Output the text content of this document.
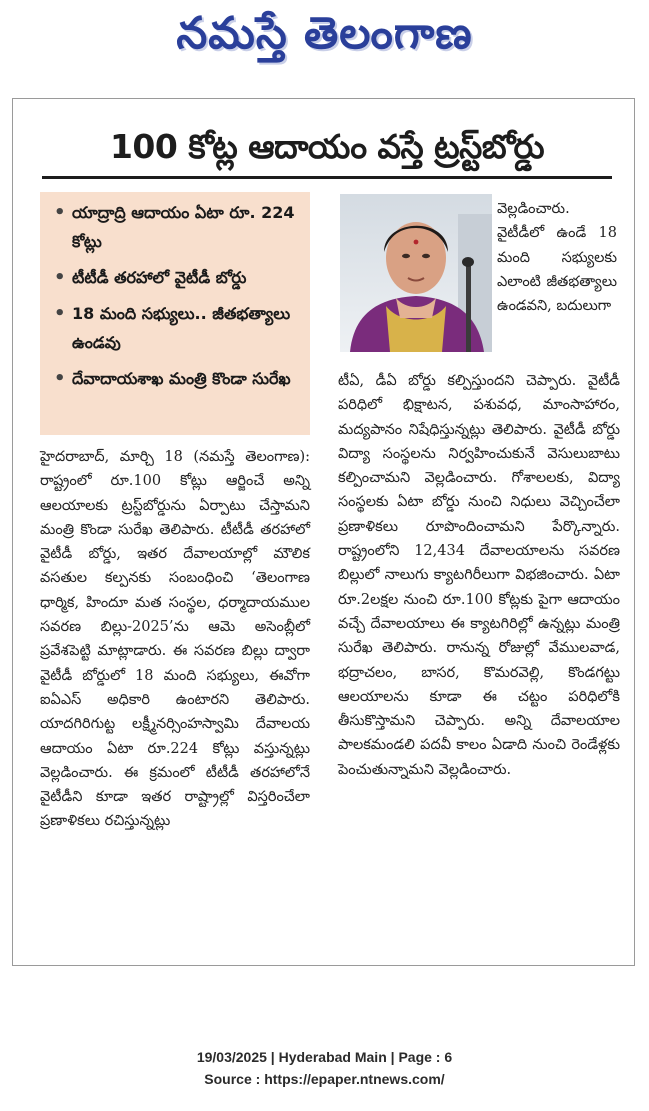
నమస్తే తెలంగాణ
100 కోట్ల ఆదాయం వస్తే ట్రస్ట్‌బోర్డు
• యాద్రాద్రి ఆదాయం ఏటా రూ. 224 కోట్లు
• టీటీడీ తరహాలో వైటీడీ బోర్డు
• 18 మంది సభ్యులు.. జీతభత్యాలు ఉండవు
• దేవాదాయశాఖ మంత్రి కొండా సురేఖ
హైదరాబాద్, మార్చి 18 (నమస్తే తెలంగాణ): రాష్ట్రంలో రూ.100 కోట్లు ఆర్జించే అన్ని ఆలయాలకు ట్రస్ట్‌బోర్డును ఏర్పాటు చేస్తామని మంత్రి కొండా సురేఖ తెలిపారు. టీటీడీ తరహాలో వైటీడీ బోర్డు, ఇతర దేవాలయాల్లో మౌలిక వసతుల కల్పనకు సంబంధించి ‘తెలంగాణ ధార్మిక, హిందూ మత సంస్థల, ధర్మాదాయముల సవరణ బిల్లు-2025’ను ఆమె అసెంబ్లీలో ప్రవేశపెట్టి మాట్లాడారు. ఈ సవరణ బిల్లు ద్వారా వైటీడీ బోర్డులో 18 మంది సభ్యులు, ఈవోగా ఐఏఎస్ అధికారి ఉంటారని తెలిపారు. యాదగిరిగుట్ట లక్ష్మీనర్సింహస్వామి దేవాలయ ఆదాయం ఏటా రూ.224 కోట్లు వస్తున్నట్లు వెల్లడించారు. ఈ క్రమంలో టీటీడీ తరహాలోనే వైటీడీని కూడా ఇతర రాష్ట్రాల్లో విస్తరించేలా ప్రణాళికలు రచిస్తున్నట్లు
వెల్లడించారు. వైటీడీలో ఉండే 18 మంది సభ్యులకు ఎలాంటి జీతభత్యాలు ఉండవని, బదులుగా
టీఏ, డీఏ బోర్డు కల్పిస్తుందని చెప్పారు. వైటీడీ పరిధిలో భిక్షాటన, పశువధ, మాంసాహారం, మద్యపానం నిషేధిస్తున్నట్లు తెలిపారు. వైటీడీ బోర్డు విద్యా సంస్థలను నిర్వహించుకునే వెసులుబాటు కల్పించామని వెల్లడించారు. గోశాలలకు, విద్యా సంస్థలకు ఏటా బోర్డు నుంచి నిధులు వెచ్చించేలా ప్రణాళికలు రూపొందించామని పేర్కొన్నారు. రాష్ట్రంలోని 12,434 దేవాలయాలను సవరణ బిల్లులో నాలుగు క్యాటగిరీలుగా విభజించారు. ఏటా రూ.2లక్షల నుంచి రూ.100 కోట్లకు పైగా ఆదాయం వచ్చే దేవాలయాలు ఈ క్యాటగిరిల్లో ఉన్నట్లు మంత్రి సురేఖ తెలిపారు. రానున్న రోజుల్లో వేములవాడ, భద్రాచలం, బాసర, కొమరవెల్లి, కొండగట్టు ఆలయాలను కూడా ఈ చట్టం పరిధిలోకి తీసుకొస్తామని చెప్పారు. అన్ని దేవాలయాల పాలకమండలి పదవీ కాలం ఏడాది నుంచి రెండేళ్లకు పెంచుతున్నామని వెల్లడించారు.
19/03/2025 | Hyderabad Main | Page : 6
Source : https://epaper.ntnews.com/
